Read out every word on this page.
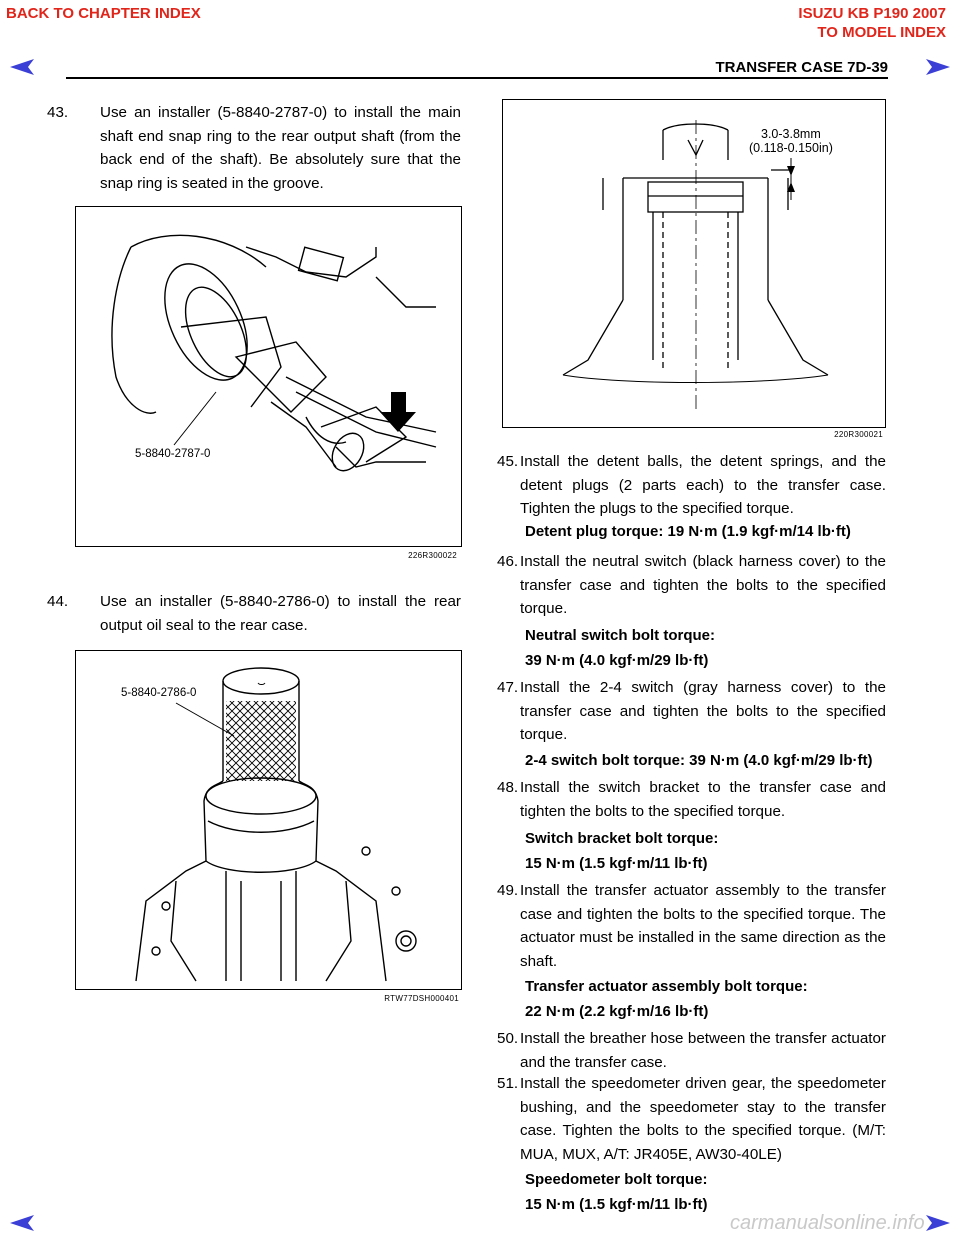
BACK TO CHAPTER INDEX	ISUZU KB P190 2007
TO MODEL INDEX
TRANSFER CASE 7D-39
43. Use an installer (5-8840-2787-0) to install the main shaft end snap ring to the rear output shaft (from the back end of the shaft). Be absolutely sure that the snap ring is seated in the groove.
5-8840-2787-0
226R300022
44. Use an installer (5-8840-2786-0) to install the rear output oil seal to the rear case.
5-8840-2786-0
RTW77DSH000401
3.0-3.8mm
(0.118-0.150in)
220R300021
45. Install the detent balls, the detent springs, and the detent plugs (2 parts each) to the transfer case. Tighten the plugs to the specified torque.
Detent plug torque: 19 N·m (1.9 kgf·m/14 lb·ft)
46. Install the neutral switch (black harness cover) to the transfer case and tighten the bolts to the specified torque.
Neutral switch bolt torque:
39 N·m (4.0 kgf·m/29 lb·ft)
47. Install the 2-4 switch (gray harness cover) to the transfer case and tighten the bolts to the specified torque.
2-4 switch bolt torque: 39 N·m (4.0 kgf·m/29 lb·ft)
48. Install the switch bracket to the transfer case and tighten the bolts to the specified torque.
Switch bracket bolt torque:
15 N·m (1.5 kgf·m/11 lb·ft)
49. Install the transfer actuator assembly to the transfer case and tighten the bolts to the specified torque. The actuator must be installed in the same direction as the shaft.
Transfer actuator assembly bolt torque:
22 N·m (2.2 kgf·m/16 lb·ft)
50. Install the breather hose between the transfer actuator and the transfer case.
51. Install the speedometer driven gear, the speedometer bushing, and the speedometer stay to the transfer case. Tighten the bolts to the specified torque. (M/T: MUA, MUX, A/T: JR405E, AW30-40LE)
Speedometer bolt torque:
15 N·m (1.5 kgf·m/11 lb·ft)
carmanualsonline.info
